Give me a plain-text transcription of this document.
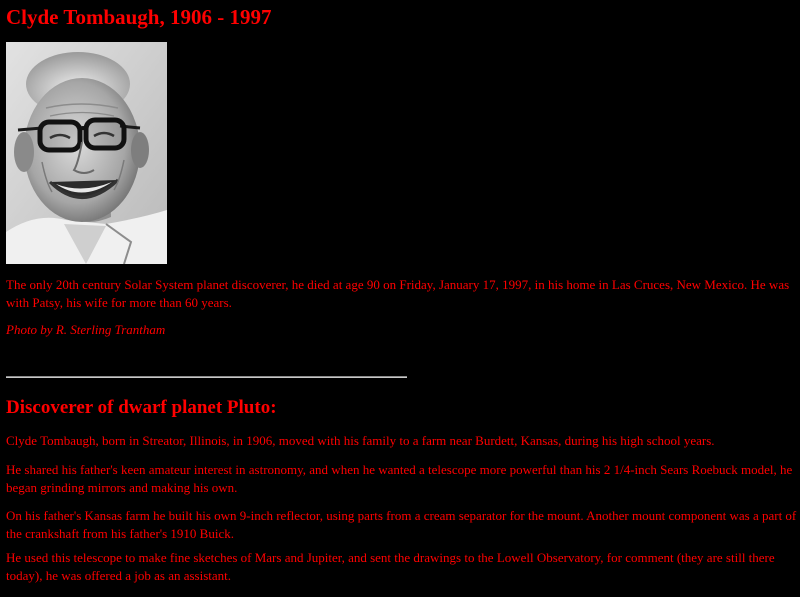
Clyde Tombaugh, 1906 - 1997

The only 20th century Solar System planet discoverer, he died at age 90 on Friday, January 17, 1997, in his home in Las Cruces, New Mexico. He was with Patsy, his wife for more than 60 years.

Photo by R. Sterling Trantham

Discoverer of dwarf planet Pluto:

Clyde Tombaugh, born in Streator, Illinois, in 1906, moved with his family to a farm near Burdett, Kansas, during his high school years.

He shared his father's keen amateur interest in astronomy, and when he wanted a telescope more powerful than his 2 1/4-inch Sears Roebuck model, he began grinding mirrors and making his own.

On his father's Kansas farm he built his own 9-inch reflector, using parts from a cream separator for the mount. Another mount component was a part of the crankshaft from his father's 1910 Buick.

He used this telescope to make fine sketches of Mars and Jupiter, and sent the drawings to the Lowell Observatory, for comment (they are still there today), he was offered a job as an assistant.
